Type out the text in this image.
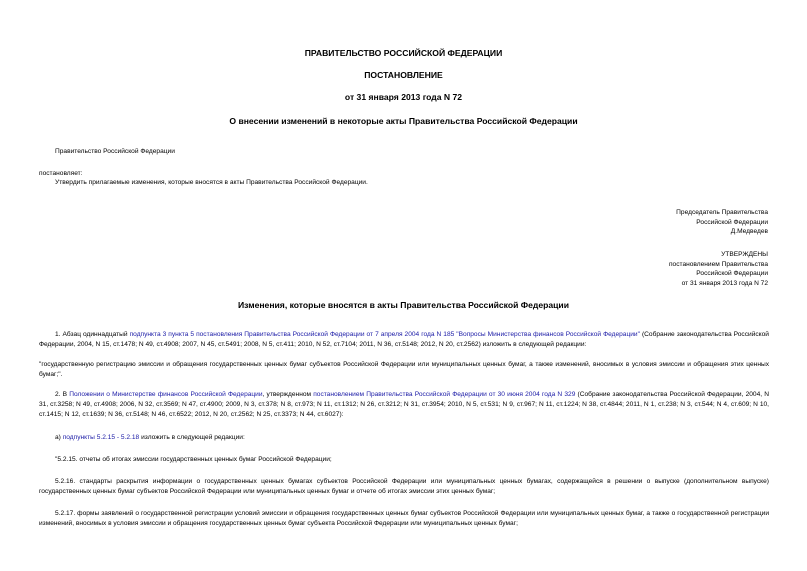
ПРАВИТЕЛЬСТВО РОССИЙСКОЙ ФЕДЕРАЦИИ
ПОСТАНОВЛЕНИЕ
от 31 января 2013 года N 72
О внесении изменений в некоторые акты Правительства Российской Федерации
Правительство Российской Федерации
постановляет:
Утвердить прилагаемые изменения, которые вносятся в акты Правительства Российской Федерации.
Председатель Правительства
Российской Федерации
Д.Медведев
УТВЕРЖДЕНЫ
постановлением Правительства
Российской Федерации
от 31 января 2013 года N 72
Изменения, которые вносятся в акты Правительства Российской Федерации
1. Абзац одиннадцатый подпункта 3 пункта 5 постановления Правительства Российской Федерации от 7 апреля 2004 года N 185 "Вопросы Министерства финансов Российской Федерации" (Собрание законодательства Российской Федерации, 2004, N 15, ст.1478; N 49, ст.4908; 2007, N 45, ст.5491; 2008, N 5, ст.411; 2010, N 52, ст.7104; 2011, N 36, ст.5148; 2012, N 20, ст.2562) изложить в следующей редакции:
"государственную регистрацию эмиссии и обращения государственных ценных бумаг субъектов Российской Федерации или муниципальных ценных бумаг, а также изменений, вносимых в условия эмиссии и обращения этих ценных бумаг;".
2. В Положении о Министерстве финансов Российской Федерации, утвержденном постановлением Правительства Российской Федерации от 30 июня 2004 года N 329 (Собрание законодательства Российской Федерации, 2004, N 31, ст.3258; N 49, ст.4908; 2006, N 32, ст.3569; N 47, ст.4900; 2009, N 3, ст.378; N 8, ст.973; N 11, ст.1312; N 26, ст.3212; N 31, ст.3954; 2010, N 5, ст.531; N 9, ст.967; N 11, ст.1224; N 38, ст.4844; 2011, N 1, ст.238; N 3, ст.544; N 4, ст.609; N 10, ст.1415; N 12, ст.1639; N 36, ст.5148; N 46, ст.6522; 2012, N 20, ст.2562; N 25, ст.3373; N 44, ст.6027):
а) подпункты 5.2.15 - 5.2.18 изложить в следующей редакции:
"5.2.15. отчеты об итогах эмиссии государственных ценных бумаг Российской Федерации;
5.2.16. стандарты раскрытия информации о государственных ценных бумагах субъектов Российской Федерации или муниципальных ценных бумагах, содержащейся в решении о выпуске (дополнительном выпуске) государственных ценных бумаг субъектов Российской Федерации или муниципальных ценных бумаг и отчете об итогах эмиссии этих ценных бумаг;
5.2.17. формы заявлений о государственной регистрации условий эмиссии и обращения государственных ценных бумаг субъектов Российской Федерации или муниципальных ценных бумаг, а также о государственной регистрации изменений, вносимых в условия эмиссии и обращения государственных ценных бумаг субъекта Российской Федерации или муниципальных ценных бумаг;
